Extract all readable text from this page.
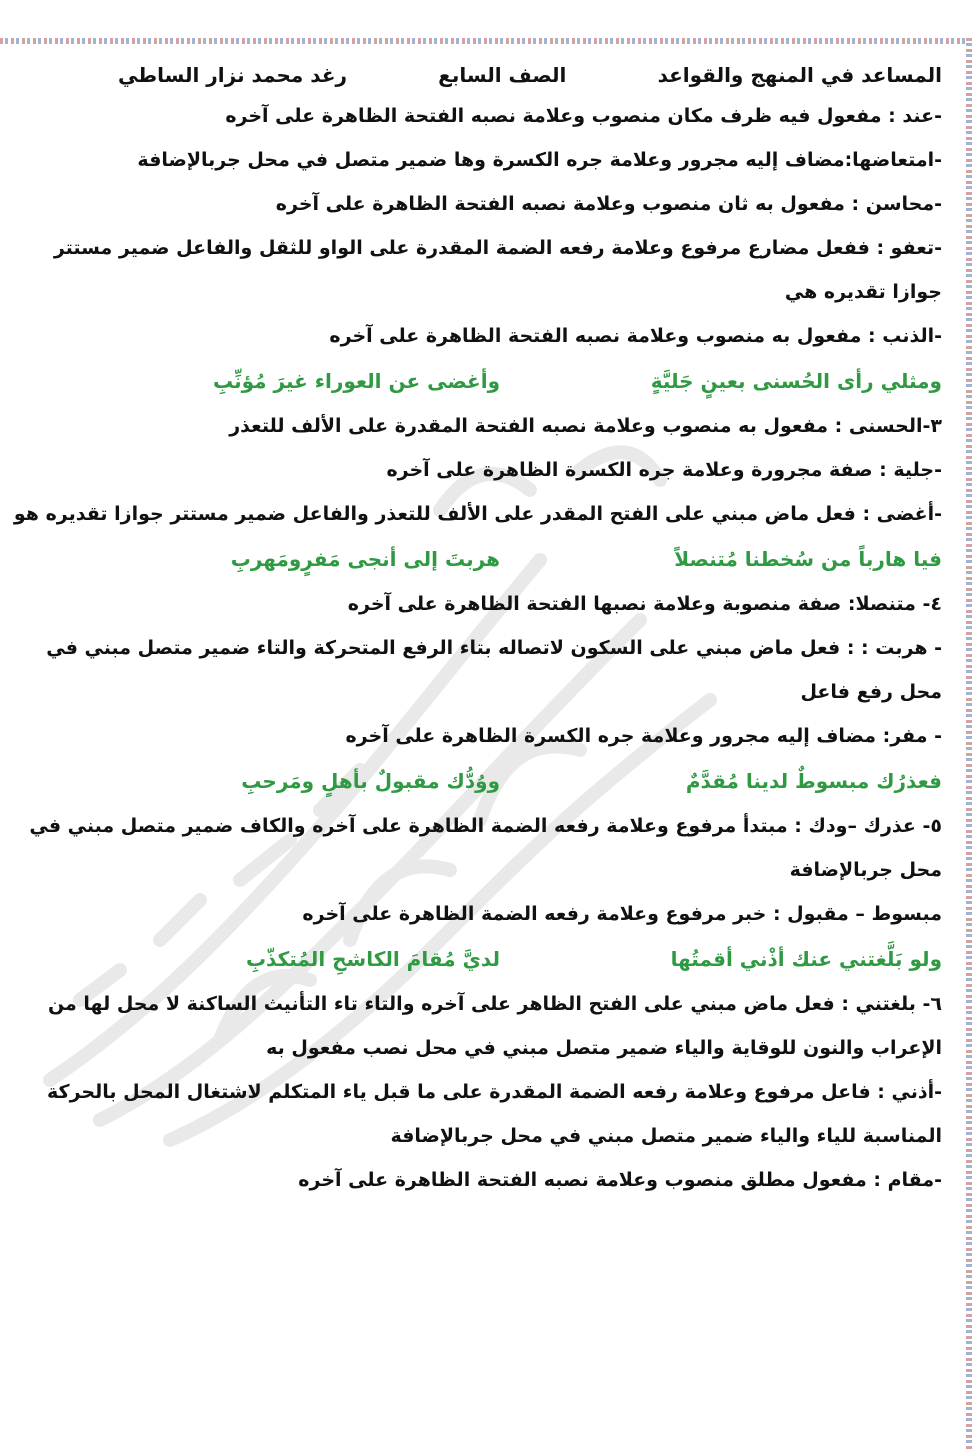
المساعد في المنهج والقواعد
الصف السابع
رغد محمد نزار الساطي
-عند : مفعول فيه ظرف مكان منصوب وعلامة نصبه الفتحة الظاهرة على آخره
-امتعاضها:مضاف إليه مجرور وعلامة جره الكسرة وها ضمير متصل في محل جربالإضافة
-محاسن : مفعول به ثان منصوب وعلامة نصبه الفتحة الظاهرة على آخره
-تعفو : ففعل مضارع مرفوع وعلامة رفعه الضمة المقدرة على الواو للثقل والفاعل ضمير مستتر جوازا تقديره هي
-الذنب : مفعول به منصوب وعلامة نصبه الفتحة الظاهرة على آخره
ومثلي رأى الحُسنى بعينٍ جَليَّةٍ
وأغضى عن العوراء غيرَ مُؤنِّبِ
٣-الحسنى : مفعول به منصوب وعلامة نصبه الفتحة المقدرة على الألف للتعذر
-جلية : صفة مجرورة وعلامة جره الكسرة الظاهرة على آخره
-أغضى : فعل ماض مبني على الفتح المقدر على الألف للتعذر والفاعل ضمير مستتر جوازا تقديره هو
فيا هارباً من سُخطنا مُتنصلاً
هربتَ إلى أنجى مَفرٍومَهربِ
٤- متنصلا: صفة منصوبة وعلامة نصبها الفتحة الظاهرة على آخره
- هربت : : فعل ماض مبني على السكون لاتصاله بتاء الرفع المتحركة والتاء ضمير متصل مبني في محل رفع فاعل
- مفر: مضاف إليه مجرور وعلامة جره الكسرة الظاهرة على آخره
فعذرُك مبسوطٌ لدينا مُقدَّمٌ
ووُدُّك مقبولٌ بأهلٍ ومَرحبِ
٥- عذرك –ودك : مبتدأ مرفوع وعلامة رفعه الضمة الظاهرة على آخره والكاف ضمير متصل مبني في محل جربالإضافة
مبسوط – مقبول : خبر مرفوع وعلامة رفعه الضمة الظاهرة على آخره
ولو بَلَّغتني عنك أذْني أقمتُها
لديَّ مُقامَ الكاشحِ المُتكذّبِ
٦- بلغتني : فعل ماض مبني على الفتح الظاهر على آخره والتاء تاء التأنيث الساكنة لا محل لها من الإعراب والنون للوقاية والياء ضمير متصل مبني في محل نصب مفعول به
-أذني : فاعل مرفوع وعلامة رفعه الضمة المقدرة على ما قبل ياء المتكلم لاشتغال المحل بالحركة المناسبة للياء والياء ضمير متصل مبني في محل جربالإضافة
-مقام : مفعول مطلق منصوب وعلامة نصبه الفتحة الظاهرة على آخره
